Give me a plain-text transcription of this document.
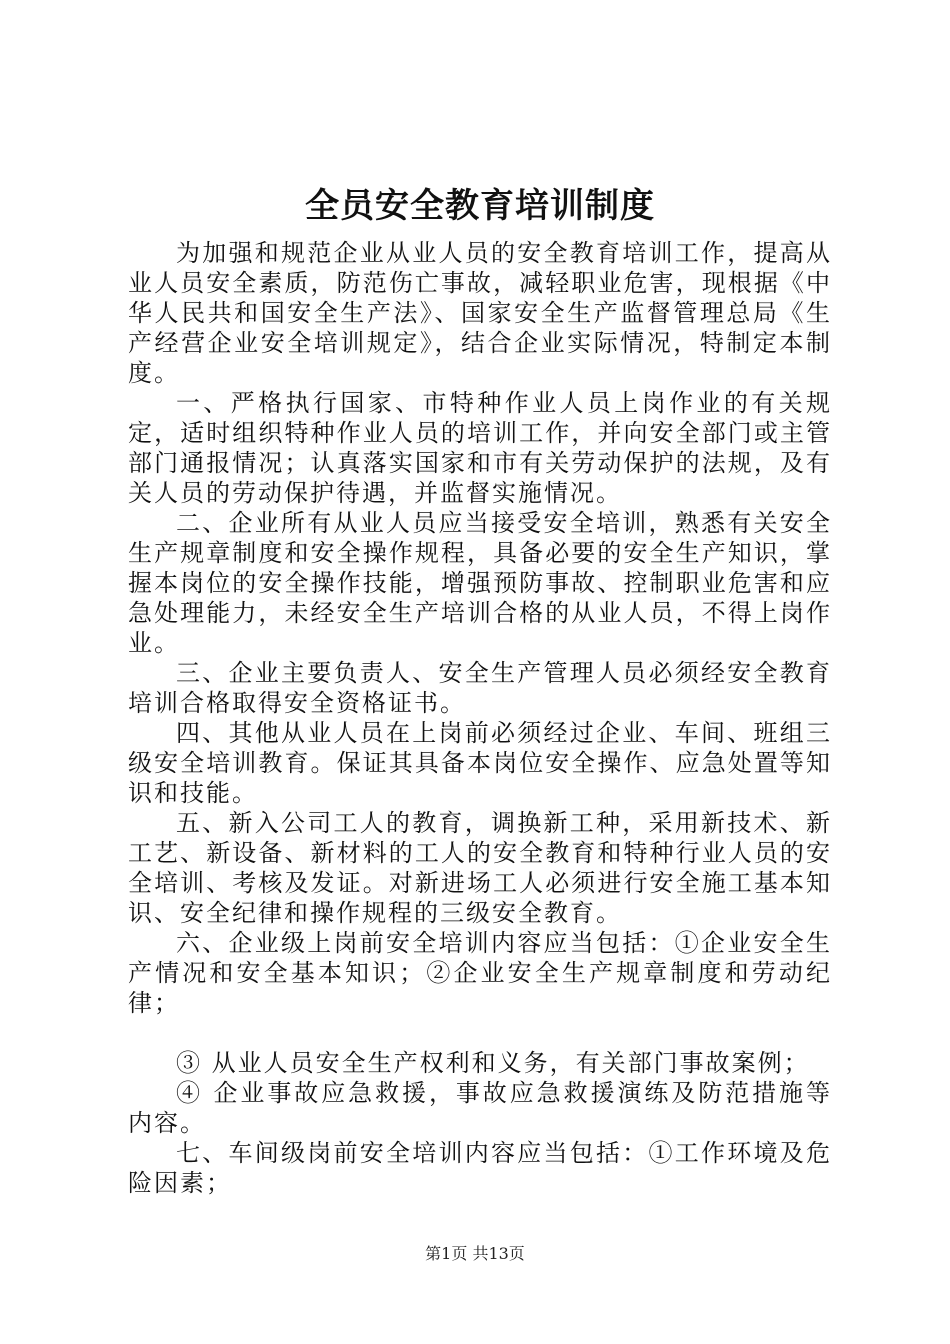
全员安全教育培训制度

为加强和规范企业从业人员的安全教育培训工作，提高从业人员安全素质，防范伤亡事故，减轻职业危害，现根据《中华人民共和国安全生产法》、国家安全生产监督管理总局《生产经营企业安全培训规定》，结合企业实际情况，特制定本制度。

一、严格执行国家、市特种作业人员上岗作业的有关规定，适时组织特种作业人员的培训工作，并向安全部门或主管部门通报情况；认真落实国家和市有关劳动保护的法规，及有关人员的劳动保护待遇，并监督实施情况。

二、企业所有从业人员应当接受安全培训，熟悉有关安全生产规章制度和安全操作规程，具备必要的安全生产知识，掌握本岗位的安全操作技能，增强预防事故、控制职业危害和应急处理能力，未经安全生产培训合格的从业人员，不得上岗作业。

三、企业主要负责人、安全生产管理人员必须经安全教育培训合格取得安全资格证书。

四、其他从业人员在上岗前必须经过企业、车间、班组三级安全培训教育。保证其具备本岗位安全操作、应急处置等知识和技能。

五、新入公司工人的教育，调换新工种，采用新技术、新工艺、新设备、新材料的工人的安全教育和特种行业人员的安全培训、考核及发证。对新进场工人必须进行安全施工基本知识、安全纪律和操作规程的三级安全教育。

六、企业级上岗前安全培训内容应当包括：①企业安全生产情况和安全基本知识；②企业安全生产规章制度和劳动纪律；

③ 从业人员安全生产权利和义务，有关部门事故案例；

④ 企业事故应急救援，事故应急救援演练及防范措施等内容。

七、车间级岗前安全培训内容应当包括：①工作环境及危险因素；

第1页 共13页
